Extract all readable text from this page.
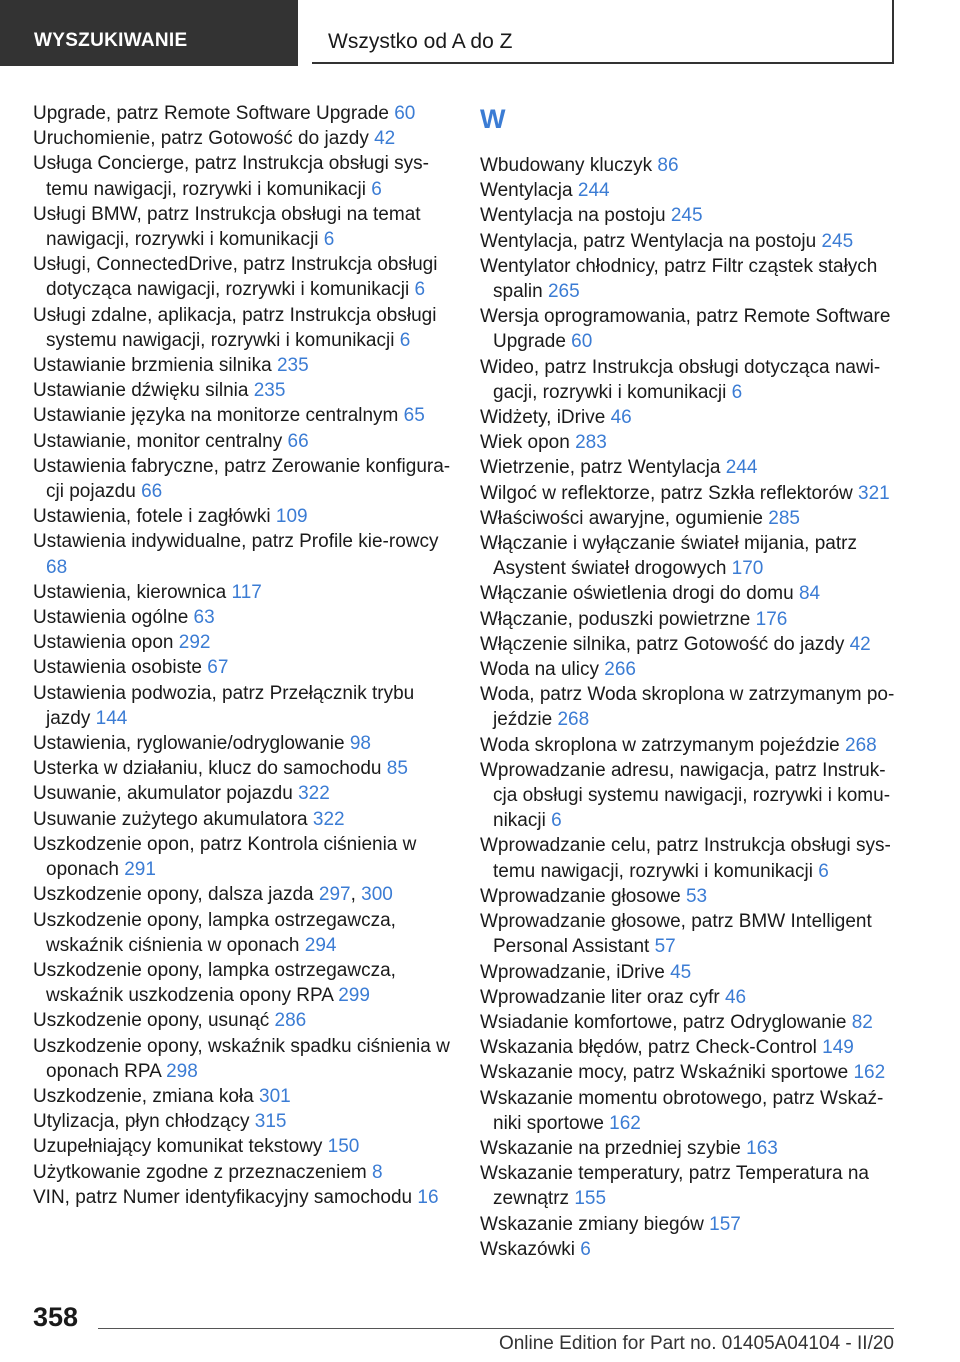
WYSZUKIWANIE	Wszystko od A do Z
Upgrade, patrz Remote Software Upgrade 60
Uruchomienie, patrz Gotowość do jazdy 42
Usługa Concierge, patrz Instrukcja obsługi sys‐temu nawigacji, rozrywki i komunikacji 6
Usługi BMW, patrz Instrukcja obsługi na temat nawigacji, rozrywki i komunikacji 6
Usługi, ConnectedDrive, patrz Instrukcja obsługi dotycząca nawigacji, rozrywki i komunikacji 6
Usługi zdalne, aplikacja, patrz Instrukcja obsługi systemu nawigacji, rozrywki i komunikacji 6
Ustawianie brzmienia silnika 235
Ustawianie dźwięku silnia 235
Ustawianie języka na monitorze centralnym 65
Ustawianie, monitor centralny 66
Ustawienia fabryczne, patrz Zerowanie konfigura‐cji pojazdu 66
Ustawienia, fotele i zagłówki 109
Ustawienia indywidualne, patrz Profile kie‐rowcy 68
Ustawienia, kierownica 117
Ustawienia ogólne 63
Ustawienia opon 292
Ustawienia osobiste 67
Ustawienia podwozia, patrz Przełącznik trybu jazdy 144
Ustawienia, ryglowanie/odryglowanie 98
Usterka w działaniu, klucz do samochodu 85
Usuwanie, akumulator pojazdu 322
Usuwanie zużytego akumulatora 322
Uszkodzenie opon, patrz Kontrola ciśnienia w oponach 291
Uszkodzenie opony, dalsza jazda 297, 300
Uszkodzenie opony, lampka ostrzegawcza, wskaźnik ciśnienia w oponach 294
Uszkodzenie opony, lampka ostrzegawcza, wskaźnik uszkodzenia opony RPA 299
Uszkodzenie opony, usunąć 286
Uszkodzenie opony, wskaźnik spadku ciśnienia w oponach RPA 298
Uszkodzenie, zmiana koła 301
Utylizacja, płyn chłodzący 315
Uzupełniający komunikat tekstowy 150
Użytkowanie zgodne z przeznaczeniem 8
VIN, patrz Numer identyfikacyjny samochodu 16
W
Wbudowany kluczyk 86
Wentylacja 244
Wentylacja na postoju 245
Wentylacja, patrz Wentylacja na postoju 245
Wentylator chłodnicy, patrz Filtr cząstek stałych spalin 265
Wersja oprogramowania, patrz Remote Software Upgrade 60
Wideo, patrz Instrukcja obsługi dotycząca nawi‐gacji, rozrywki i komunikacji 6
Widżety, iDrive 46
Wiek opon 283
Wietrzenie, patrz Wentylacja 244
Wilgoć w reflektorze, patrz Szkła reflektorów 321
Właściwości awaryjne, ogumienie 285
Włączanie i wyłączanie świateł mijania, patrz Asystent świateł drogowych 170
Włączanie oświetlenia drogi do domu 84
Włączanie, poduszki powietrzne 176
Włączenie silnika, patrz Gotowość do jazdy 42
Woda na ulicy 266
Woda, patrz Woda skroplona w zatrzymanym po‐jeździe 268
Woda skroplona w zatrzymanym pojeździe 268
Wprowadzanie adresu, nawigacja, patrz Instruk‐cja obsługi systemu nawigacji, rozrywki i komu‐nikacji 6
Wprowadzanie celu, patrz Instrukcja obsługi sys‐temu nawigacji, rozrywki i komunikacji 6
Wprowadzanie głosowe 53
Wprowadzanie głosowe, patrz BMW Intelligent Personal Assistant 57
Wprowadzanie, iDrive 45
Wprowadzanie liter oraz cyfr 46
Wsiadanie komfortowe, patrz Odryglowanie 82
Wskazania błędów, patrz Check-Control 149
Wskazanie mocy, patrz Wskaźniki sportowe 162
Wskazanie momentu obrotowego, patrz Wskaź‐niki sportowe 162
Wskazanie na przedniej szybie 163
Wskazanie temperatury, patrz Temperatura na zewnątrz 155
Wskazanie zmiany biegów 157
Wskazówki 6
358
Online Edition for Part no. 01405A04104 - II/20
